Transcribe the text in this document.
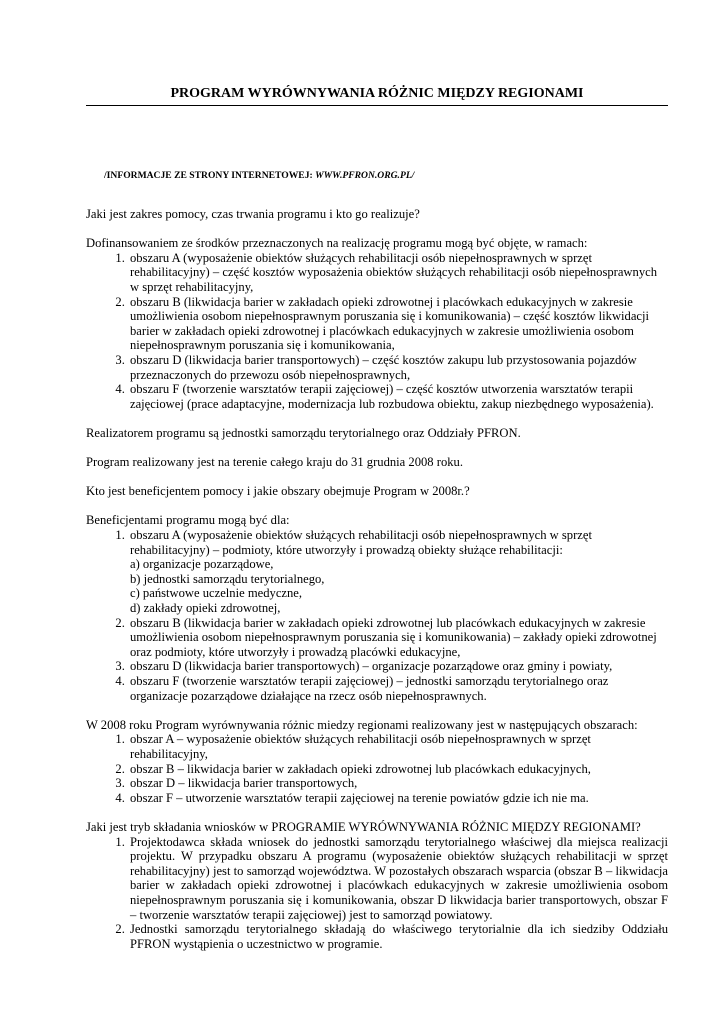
PROGRAM WYRÓWNYWANIA RÓŻNIC MIĘDZY REGIONAMI
/INFORMACJE ZE STRONY INTERNETOWEJ: WWW.PFRON.ORG.PL/

Jaki jest zakres pomocy, czas trwania programu i kto go realizuje?

Dofinansowaniem ze środków przeznaczonych na realizację programu mogą być objęte, w ramach:

1. obszaru A (wyposażenie obiektów służących rehabilitacji osób niepełnosprawnych w sprzęt rehabilitacyjny) – część kosztów wyposażenia obiektów służących rehabilitacji osób niepełnosprawnych w sprzęt rehabilitacyjny,
2. obszaru B (likwidacja barier w zakładach opieki zdrowotnej i placówkach edukacyjnych w zakresie umożliwienia osobom niepełnosprawnym poruszania się i komunikowania) – część kosztów likwidacji barier w zakładach opieki zdrowotnej i placówkach edukacyjnych w zakresie umożliwienia osobom niepełnosprawnym poruszania się i komunikowania,
3. obszaru D (likwidacja barier transportowych) – część kosztów zakupu lub przystosowania pojazdów przeznaczonych do przewozu osób niepełnosprawnych,
4. obszaru F (tworzenie warsztatów terapii zajęciowej) – część kosztów utworzenia warsztatów terapii zajęciowej (prace adaptacyjne, modernizacja lub rozbudowa obiektu, zakup niezbędnego wyposażenia).

Realizatorem programu są jednostki samorządu terytorialnego oraz Oddziały PFRON.

Program realizowany jest na terenie całego kraju do 31 grudnia 2008 roku.

Kto jest beneficjentem pomocy i jakie obszary obejmuje Program w 2008r.?

Beneficjentami programu mogą być dla:

1. obszaru A (wyposażenie obiektów służących rehabilitacji osób niepełnosprawnych w sprzęt rehabilitacyjny) – podmioty, które utworzyły i prowadzą obiekty służące rehabilitacji:
a) organizacje pozarządowe,
b) jednostki samorządu terytorialnego,
c) państwowe uczelnie medyczne,
d) zakłady opieki zdrowotnej,
2. obszaru B (likwidacja barier w zakładach opieki zdrowotnej lub placówkach edukacyjnych w zakresie umożliwienia osobom niepełnosprawnym poruszania się i komunikowania) – zakłady opieki zdrowotnej oraz podmioty, które utworzyły i prowadzą placówki edukacyjne,
3. obszaru D (likwidacja barier transportowych) – organizacje pozarządowe oraz gminy i powiaty,
4. obszaru F (tworzenie warsztatów terapii zajęciowej) – jednostki samorządu terytorialnego oraz organizacje pozarządowe działające na rzecz osób niepełnosprawnych.

W 2008 roku Program wyrównywania różnic miedzy regionami realizowany jest w następujących obszarach:

1. obszar A – wyposażenie obiektów służących rehabilitacji osób niepełnosprawnych w sprzęt rehabilitacyjny,
2. obszar B – likwidacja barier w zakładach opieki zdrowotnej lub placówkach edukacyjnych,
3. obszar D – likwidacja barier transportowych,
4. obszar F – utworzenie warsztatów terapii zajęciowej na terenie powiatów gdzie ich nie ma.

Jaki jest tryb składania wniosków w PROGRAMIE WYRÓWNYWANIA RÓŻNIC MIĘDZY REGIONAMI?

1. Projektodawca składa wniosek do jednostki samorządu terytorialnego właściwej dla miejsca realizacji projektu. W przypadku obszaru A programu (wyposażenie obiektów służących rehabilitacji w sprzęt rehabilitacyjny) jest to samorząd województwa. W pozostałych obszarach wsparcia (obszar B – likwidacja barier w zakładach opieki zdrowotnej i placówkach edukacyjnych w zakresie umożliwienia osobom niepełnosprawnym poruszania się i komunikowania, obszar D likwidacja barier transportowych, obszar F – tworzenie warsztatów terapii zajęciowej) jest to samorząd powiatowy.
2. Jednostki samorządu terytorialnego składają do właściwego terytorialnie dla ich siedziby Oddziału PFRON wystąpienia o uczestnictwo w programie.
